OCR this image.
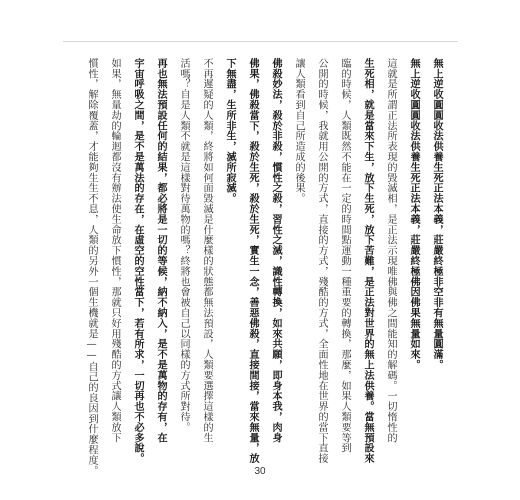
無上逆收圓圓收法供養生死正法本義，莊嚴終極非空非有無量圓滿。
無上逆收圓圓收法供養生死正法本義，莊嚴終極佛因佛果無量如來。
這就是所謂正法所表現的毀滅相，是正法示現唯佛與佛之間能知的解碼。一切惰性的
生死相，就是當來下生，放下生死，放下苦難，是正法對世界的無上法供養。當無預設來
臨的時候，人類既然不能在一定的時間點運動一種重要的轉換，那麼，如果人類要等到
公開的時候，我就用公開的方式，直接的方式，殘酷的方式，全面性地在世界的當下直接
讓人類看到自己所造成的後果。
佛殺妙法，殺於非殺，慣性之殺，習性之滅，識性轉換，如來共願，即身本我，肉身
佛果，佛殺當下，殺於生死，殺於生死，實生一念，善惡佛殺，直接間接，當來無量，放
下無盡，生所非生，滅所寂滅。
不再遲疑的人類，終將如何面毀滅是什麼樣的狀態都無法預設，人類要選擇這樣的生
活嗎？自是人類不就是這樣對待萬物的嗎？終將也會被自己以同樣的方式所對待。
再也無法預設任何的結果，都必將是一切的等候，納不納入，是不是萬物的存有，在
宇宙呼吸之間，是不是萬法的存在，在虛空的空性當下，若有所求，一切再也不必多說。
如果，無量劫的輪迴都沒有辦法使生命放下慣性，那就只好用殘酷的方式讓人類放下
慣性，解除覆蓋，才能夠生生不息，人類的另外一個生機就是——自己的良因到什麼程度。	30
